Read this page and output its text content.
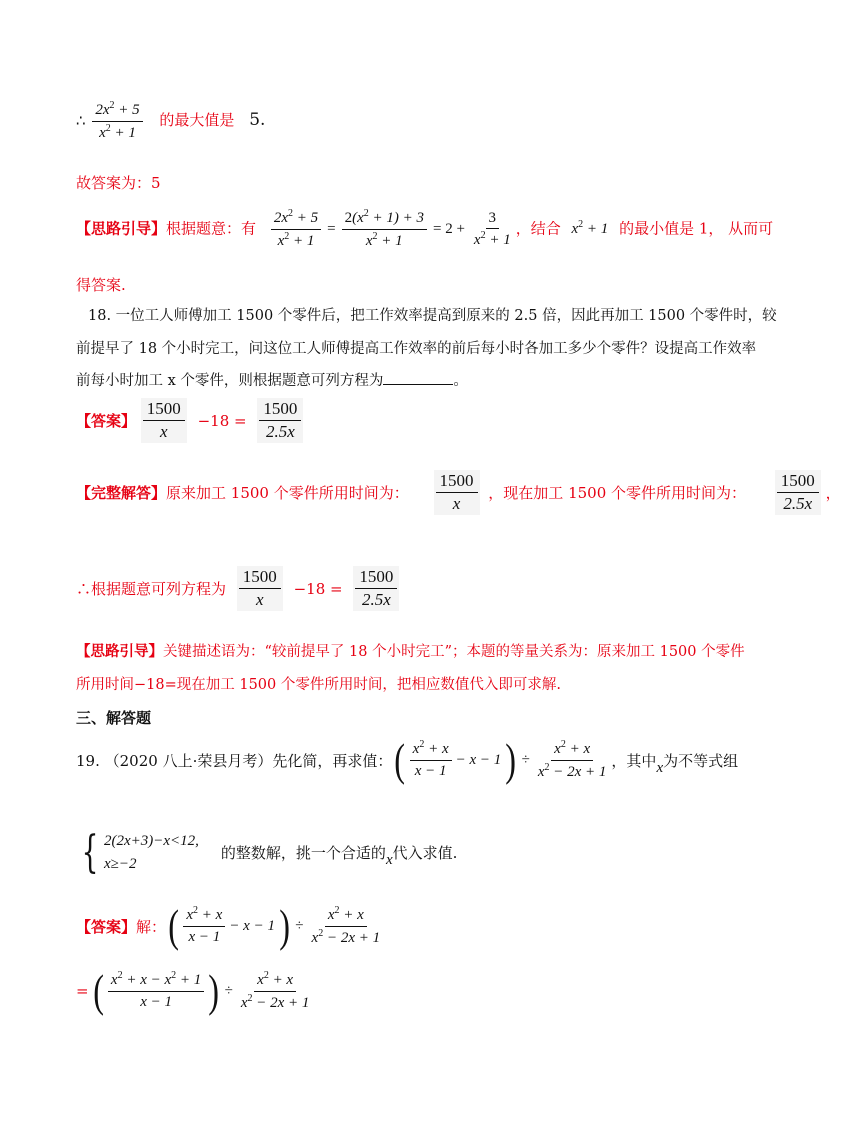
∴ $\frac{2x^2 + 5}{x^2 + 1}$ 的最大值是 5.
故答案为：5
【思路引导】根据题意：有 $\frac{2x^2 + 5}{x^2 + 1} = \frac{2(x^2 + 1) + 3}{x^2 + 1} = 2 + \frac{3}{x^2 + 1}$ ，结合 $x^2 + 1$ 的最小值是 1， 从而可
得答案.
18. 一位工人师傅加工 1500 个零件后，把工作效率提高到原来的 2.5 倍，因此再加工 1500 个零件时，较
前提早了 18 个小时完工，问这位工人师傅提高工作效率的前后每小时各加工多少个零件？设提高工作效率
前每小时加工 x 个零件，则根据题意可列方程为	。
【答案】 $\frac{1500}{x} -18 = \frac{1500}{2.5x}$
【完整解答】原来加工 1500 个零件所用时间为： $\frac{1500}{x}$ ，现在加工 1500 个零件所用时间为： $\frac{1500}{2.5x}$ ，
∴根据题意可列方程为 $\frac{1500}{x} -18 = \frac{1500}{2.5x}$
【思路引导】关键描述语为：“较前提早了 18 个小时完工”；本题的等量关系为：原来加工 1500 个零件
所用时间−18=现在加工 1500 个零件所用时间，把相应数值代入即可求解.
三、解答题
19. （2020 八上·荣县月考）先化简，再求值： ( $\frac{x^2 + x}{x - 1} - x - 1$ ) ÷ $\frac{x^2 + x}{x^2 - 2x + 1}$ ，其中 x 为不等式组
{ 2(2x+3)−x<12,
x≥−2
的整数解，挑一个合适的 x 代入求值.
【答案】 解： ( $\frac{x^2 + x}{x - 1} - x - 1$ ) ÷ $\frac{x^2 + x}{x^2 - 2x + 1}$
= ( $\frac{x^2 + x - x^2 + 1}{x - 1}$ ) ÷ $\frac{x^2 + x}{x^2 - 2x + 1}$
